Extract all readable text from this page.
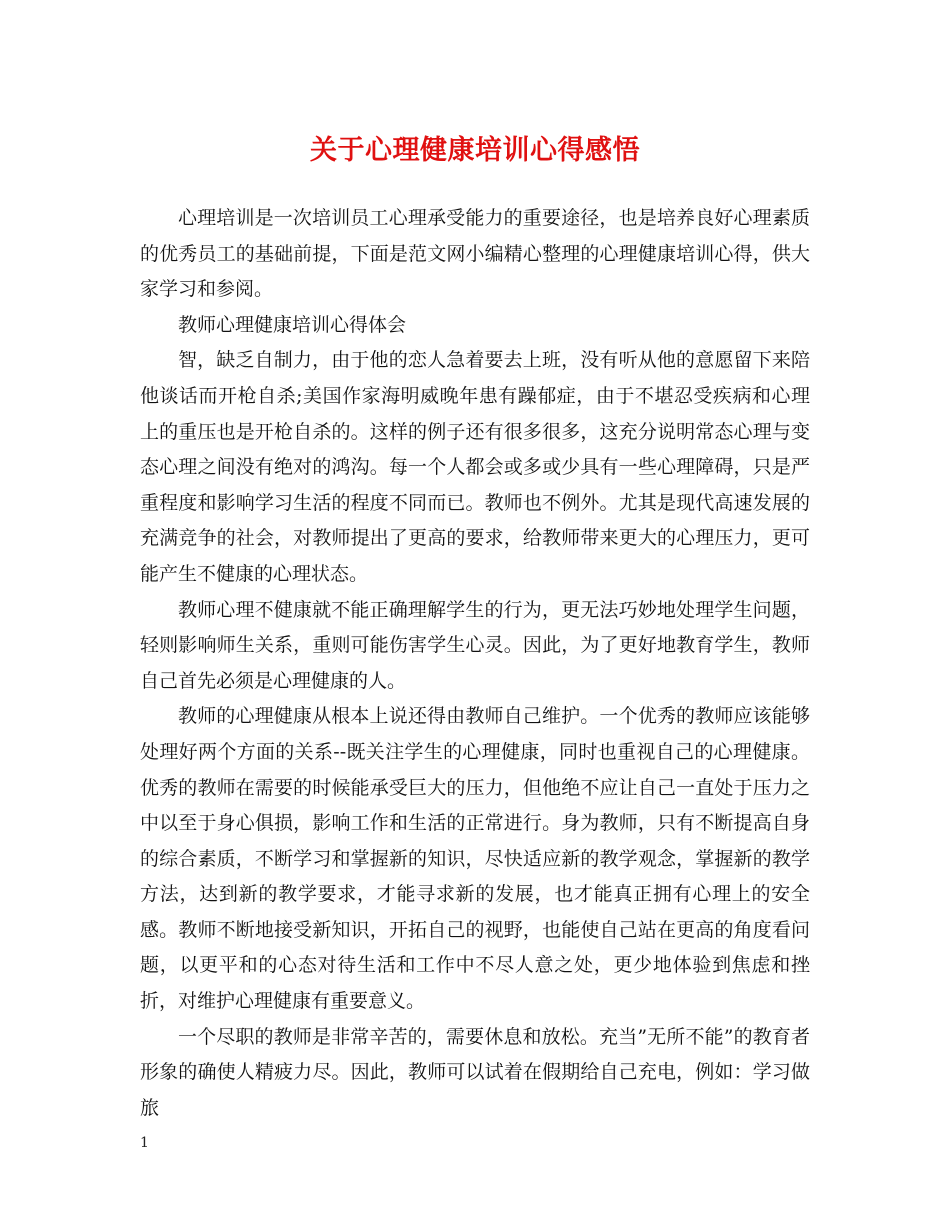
关于心理健康培训心得感悟

心理培训是一次培训员工心理承受能力的重要途径，也是培养良好心理素质的优秀员工的基础前提，下面是范文网小编精心整理的心理健康培训心得，供大家学习和参阅。

教师心理健康培训心得体会

智，缺乏自制力，由于他的恋人急着要去上班，没有听从他的意愿留下来陪他谈话而开枪自杀;美国作家海明威晚年患有躁郁症，由于不堪忍受疾病和心理上的重压也是开枪自杀的。这样的例子还有很多很多，这充分说明常态心理与变态心理之间没有绝对的鸿沟。每一个人都会或多或少具有一些心理障碍，只是严重程度和影响学习生活的程度不同而已。教师也不例外。尤其是现代高速发展的充满竞争的社会，对教师提出了更高的要求，给教师带来更大的心理压力，更可能产生不健康的心理状态。

教师心理不健康就不能正确理解学生的行为，更无法巧妙地处理学生问题，轻则影响师生关系，重则可能伤害学生心灵。因此，为了更好地教育学生，教师自己首先必须是心理健康的人。

教师的心理健康从根本上说还得由教师自己维护。一个优秀的教师应该能够处理好两个方面的关系--既关注学生的心理健康，同时也重视自己的心理健康。优秀的教师在需要的时候能承受巨大的压力，但他绝不应让自己一直处于压力之中以至于身心俱损，影响工作和生活的正常进行。身为教师，只有不断提高自身的综合素质，不断学习和掌握新的知识，尽快适应新的教学观念，掌握新的教学方法，达到新的教学要求，才能寻求新的发展，也才能真正拥有心理上的安全感。教师不断地接受新知识，开拓自己的视野，也能使自己站在更高的角度看问题，以更平和的心态对待生活和工作中不尽人意之处，更少地体验到焦虑和挫折，对维护心理健康有重要意义。

一个尽职的教师是非常辛苦的，需要休息和放松。充当”无所不能”的教育者形象的确使人精疲力尽。因此，教师可以试着在假期给自己充电，例如：学习做旅

1
